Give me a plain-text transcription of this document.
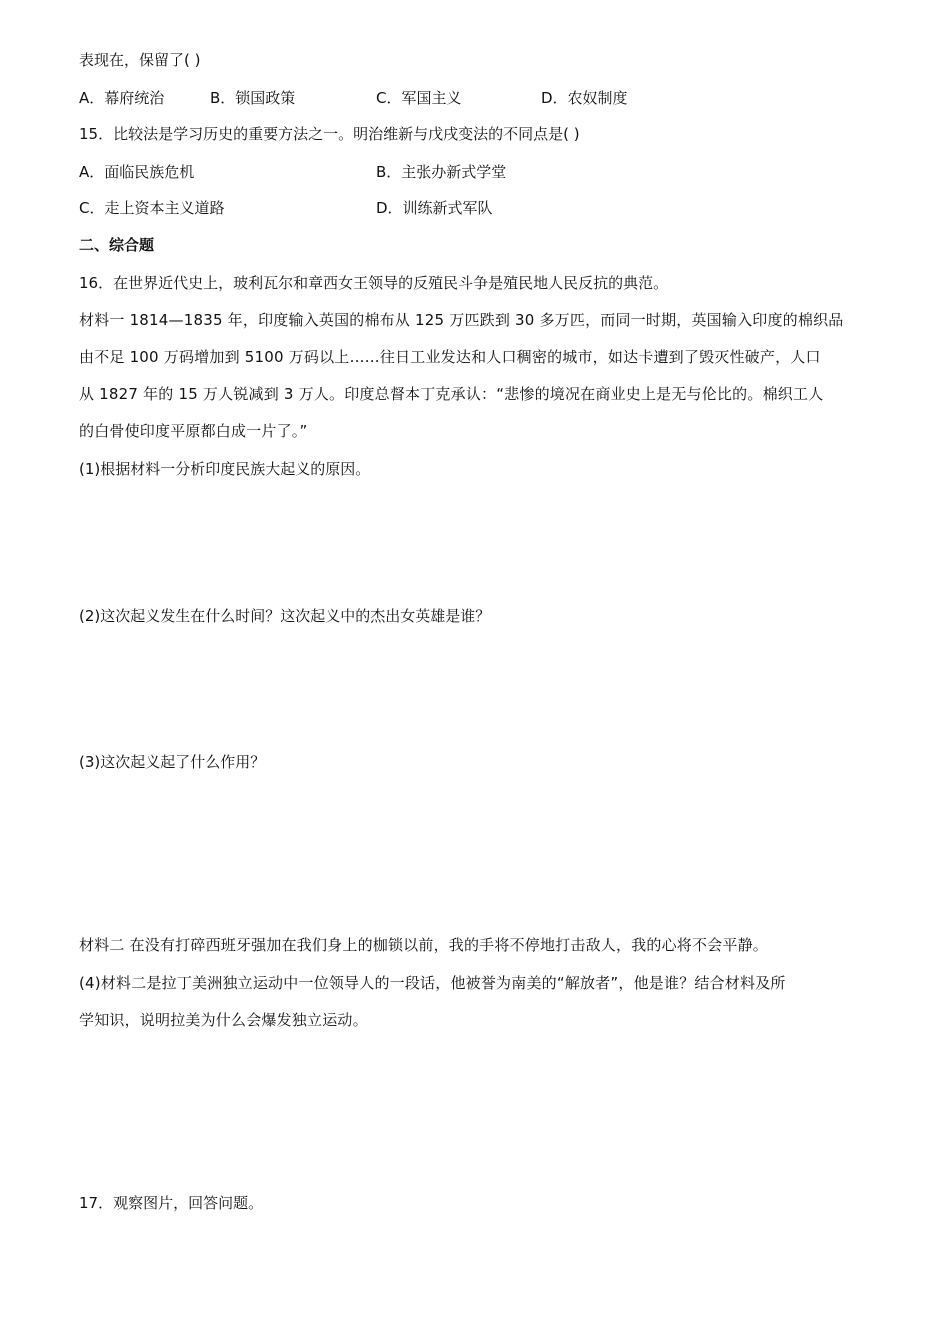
表现在，保留了( )
A．幕府统治	B．锁国政策	C．军国主义	D．农奴制度
15．比较法是学习历史的重要方法之一。明治维新与戊戌变法的不同点是( )
A．面临民族危机	B．主张办新式学堂
C．走上资本主义道路	D．训练新式军队
二、综合题
16．在世界近代史上，玻利瓦尔和章西女王领导的反殖民斗争是殖民地人民反抗的典范。
材料一 1814—1835 年，印度输入英国的棉布从 125 万匹跌到 30 多万匹，而同一时期，英国输入印度的棉织品
由不足 100 万码增加到 5100 万码以上……往日工业发达和人口稠密的城市，如达卡遭到了毁灭性破产，人口
从 1827 年的 15 万人锐减到 3 万人。印度总督本丁克承认：“悲惨的境况在商业史上是无与伦比的。棉织工人
的白骨使印度平原都白成一片了。”
(1)根据材料一分析印度民族大起义的原因。
(2)这次起义发生在什么时间？这次起义中的杰出女英雄是谁？
(3)这次起义起了什么作用？
材料二 在没有打碎西班牙强加在我们身上的枷锁以前，我的手将不停地打击敌人，我的心将不会平静。
(4)材料二是拉丁美洲独立运动中一位领导人的一段话，他被誉为南美的“解放者”，他是谁？结合材料及所
学知识，说明拉美为什么会爆发独立运动。
17．观察图片，回答问题。
